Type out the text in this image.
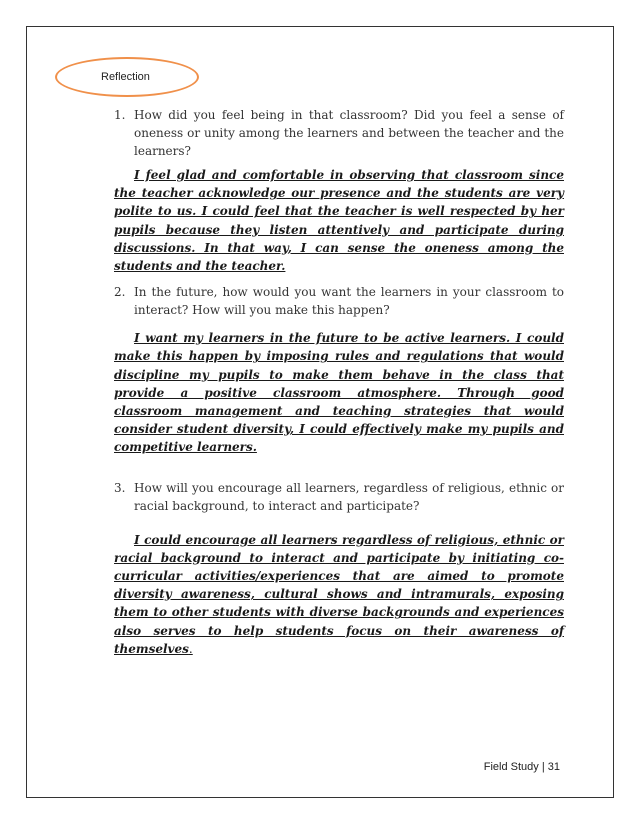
Reflection
1. How did you feel being in that classroom? Did you feel a sense of oneness or unity among the learners and between the teacher and the learners?

I feel glad and comfortable in observing that classroom since the teacher acknowledge our presence and the students are very polite to us. I could feel that the teacher is well respected by her pupils because they listen attentively and participate during discussions. In that way, I can sense the oneness among the students and the teacher.

2. In the future, how would you want the learners in your classroom to interact? How will you make this happen?

I want my learners in the future to be active learners. I could make this happen by imposing rules and regulations that would discipline my pupils to make them behave in the class that provide a positive classroom atmosphere. Through good classroom management and teaching strategies that would consider student diversity, I could effectively make my pupils and competitive learners.

3. How will you encourage all learners, regardless of religious, ethnic or racial background, to interact and participate?

I could encourage all learners regardless of religious, ethnic or racial background to interact and participate by initiating co-curricular activities/experiences that are aimed to promote diversity awareness, cultural shows and intramurals, exposing them to other students with diverse backgrounds and experiences also serves to help students focus on their awareness of themselves.

Field Study | 31
